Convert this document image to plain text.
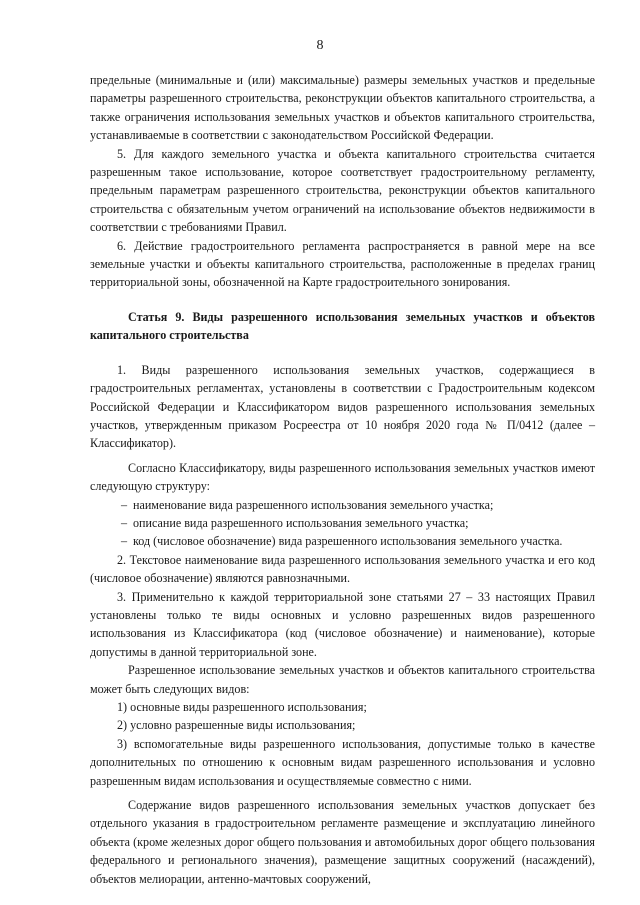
8

предельные (минимальные и (или) максимальные) размеры земельных участков и предельные параметры разрешенного строительства, реконструкции объектов капитального строительства, а также ограничения использования земельных участков и объектов капитального строительства, устанавливаемые в соответствии с законодательством Российской Федерации.

5. Для каждого земельного участка и объекта капитального строительства считается разрешенным такое использование, которое соответствует градостроительному регламенту, предельным параметрам разрешенного строительства, реконструкции объектов капитального строительства с обязательным учетом ограничений на использование объектов недвижимости в соответствии с требованиями Правил.

6. Действие градостроительного регламента распространяется в равной мере на все земельные участки и объекты капитального строительства, расположенные в пределах границ территориальной зоны, обозначенной на Карте градостроительного зонирования.

Статья 9. Виды разрешенного использования земельных участков и объектов капитального строительства

1. Виды разрешенного использования земельных участков, содержащиеся в градостроительных регламентах, установлены в соответствии с Градостроительным кодексом Российской Федерации и Классификатором видов разрешенного использования земельных участков, утвержденным приказом Росреестра от 10 ноября 2020 года № П/0412 (далее – Классификатор).

Согласно Классификатору, виды разрешенного использования земельных участков имеют следующую структуру:

– наименование вида разрешенного использования земельного участка;

– описание вида разрешенного использования земельного участка;

– код (числовое обозначение) вида разрешенного использования земельного участка.

2. Текстовое наименование вида разрешенного использования земельного участка и его код (числовое обозначение) являются равнозначными.

3. Применительно к каждой территориальной зоне статьями 27 – 33 настоящих Правил установлены только те виды основных и условно разрешенных видов разрешенного использования из Классификатора (код (числовое обозначение) и наименование), которые допустимы в данной территориальной зоне.

Разрешенное использование земельных участков и объектов капитального строительства может быть следующих видов:

1) основные виды разрешенного использования;

2) условно разрешенные виды использования;

3) вспомогательные виды разрешенного использования, допустимые только в качестве дополнительных по отношению к основным видам разрешенного использования и условно разрешенным видам использования и осуществляемые совместно с ними.

Содержание видов разрешенного использования земельных участков допускает без отдельного указания в градостроительном регламенте размещение и эксплуатацию линейного объекта (кроме железных дорог общего пользования и автомобильных дорог общего пользования федерального и регионального значения), размещение защитных сооружений (насаждений), объектов мелиорации, антенно-мачтовых сооружений,
